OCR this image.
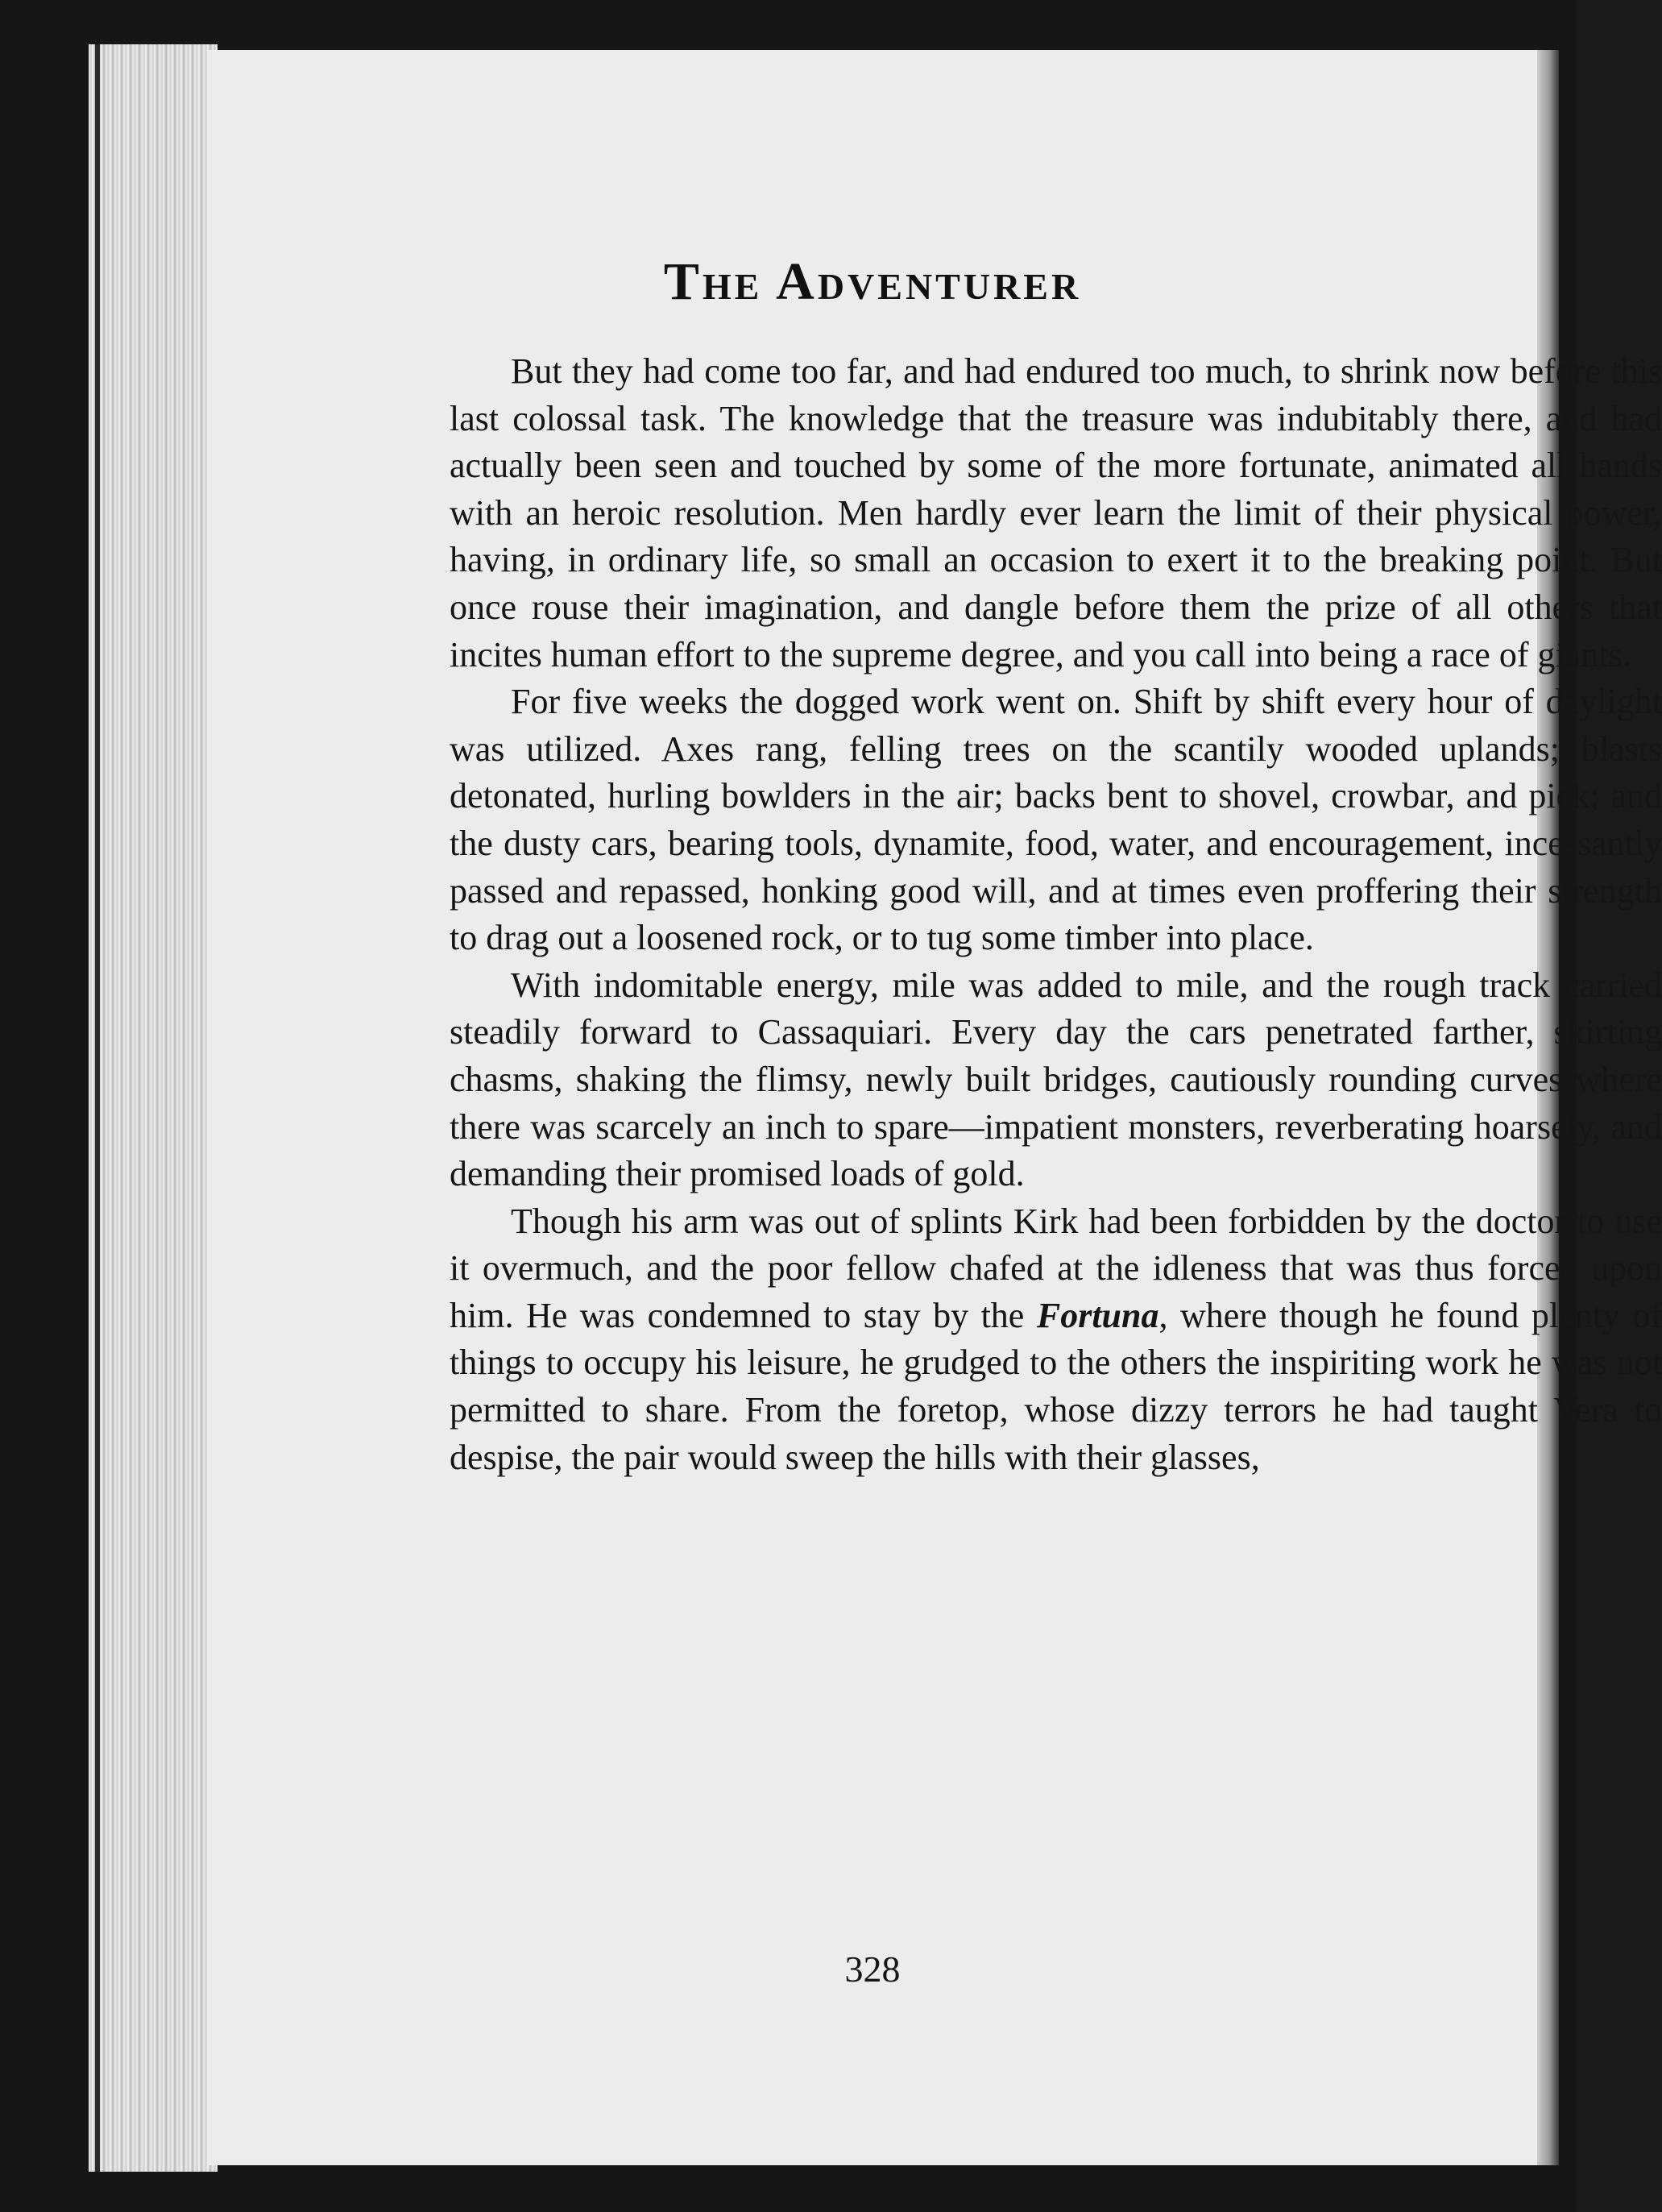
The Adventurer

But they had come too far, and had endured too much, to shrink now before this last colossal task. The knowledge that the treasure was indubitably there, and had actually been seen and touched by some of the more fortunate, animated all hands with an heroic resolution. Men hardly ever learn the limit of their physical power, having, in ordinary life, so small an occasion to exert it to the breaking point. But once rouse their imagination, and dangle before them the prize of all others that incites human effort to the supreme degree, and you call into being a race of giants.

For five weeks the dogged work went on. Shift by shift every hour of daylight was utilized. Axes rang, felling trees on the scantily wooded uplands; blasts detonated, hurling bowlders in the air; backs bent to shovel, crowbar, and pick; and the dusty cars, bearing tools, dynamite, food, water, and encouragement, incessantly passed and repassed, honking good will, and at times even proffering their strength to drag out a loosened rock, or to tug some timber into place.

With indomitable energy, mile was added to mile, and the rough track carried steadily forward to Cassaquiari. Every day the cars penetrated farther, skirting chasms, shaking the flimsy, newly built bridges, cautiously rounding curves where there was scarcely an inch to spare—impatient monsters, reverberating hoarsely, and demanding their promised loads of gold.

Though his arm was out of splints Kirk had been forbidden by the doctor to use it overmuch, and the poor fellow chafed at the idleness that was thus forced upon him. He was condemned to stay by the Fortuna, where though he found plenty of things to occupy his leisure, he grudged to the others the inspiriting work he was not permitted to share. From the foretop, whose dizzy terrors he had taught Vera to despise, the pair would sweep the hills with their glasses,

328
